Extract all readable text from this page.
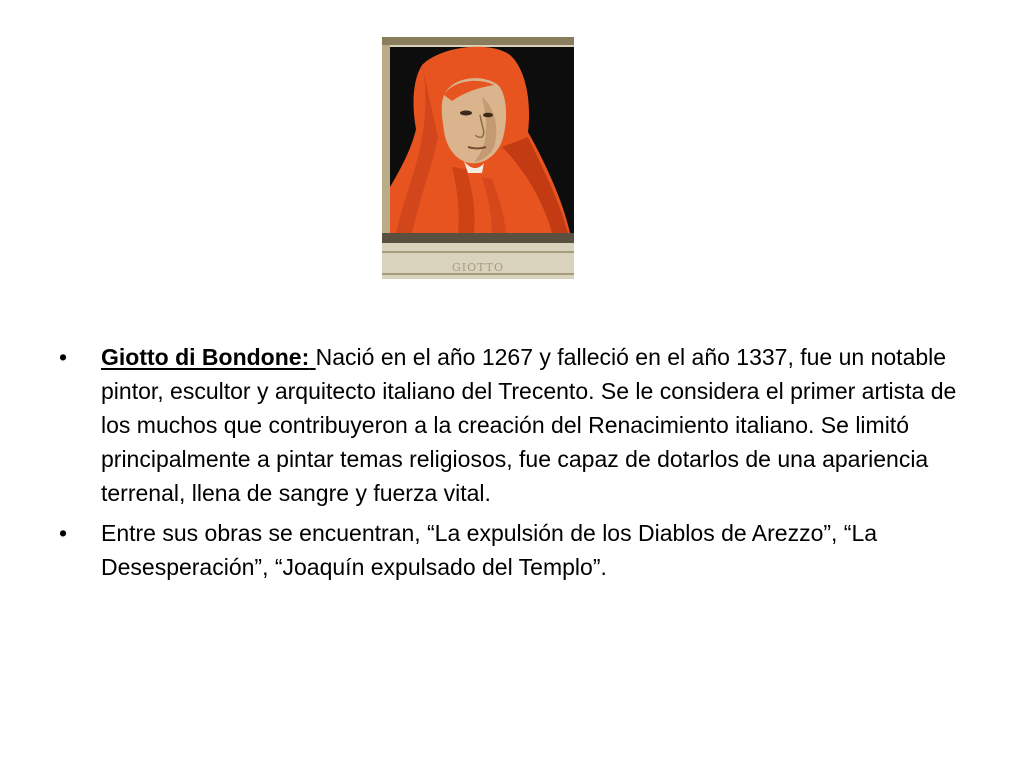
GIOTTO
•	Giotto di Bondone: Nació en el año 1267 y falleció en el año 1337, fue un notable pintor, escultor y arquitecto italiano del Trecento. Se le considera el primer artista de los muchos que contribuyeron a la creación del Renacimiento italiano. Se limitó principalmente a pintar temas religiosos, fue capaz de dotarlos de una apariencia terrenal, llena de sangre y fuerza vital.
•	Entre sus obras se encuentran, “La expulsión de los Diablos de Arezzo”, “La Desesperación”, “Joaquín expulsado del Templo”.
